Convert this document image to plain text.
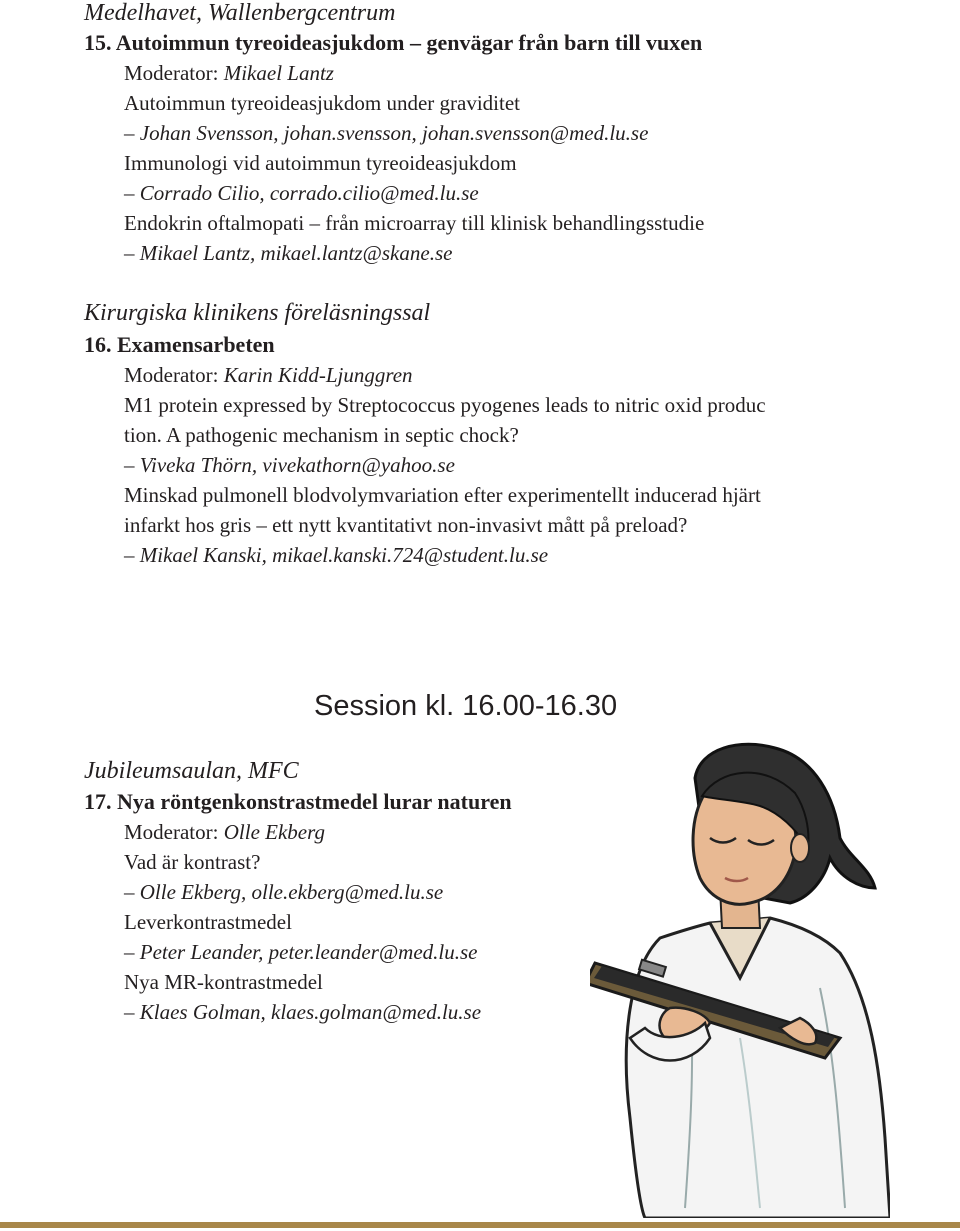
Medelhavet, Wallenbergcentrum
15. Autoimmun tyreoideasjukdom – genvägar från barn till vuxen
Moderator: Mikael Lantz
Autoimmun tyreoideasjukdom under graviditet
– Johan Svensson, johan.svensson, johan.svensson@med.lu.se
Immunologi vid autoimmun tyreoideasjukdom
– Corrado Cilio, corrado.cilio@med.lu.se
Endokrin oftalmopati – från microarray till klinisk behandlingsstudie
– Mikael Lantz, mikael.lantz@skane.se
Kirurgiska klinikens föreläsningssal
16. Examensarbeten
Moderator: Karin Kidd-Ljunggren
M1 protein expressed by Streptococcus pyogenes leads to nitric oxid produc
tion. A pathogenic mechanism in septic chock?
– Viveka Thörn, vivekathorn@yahoo.se
Minskad pulmonell blodvolymvariation efter experimentellt inducerad hjärt
infarkt hos gris – ett nytt kvantitativt non-invasivt mått på preload?
– Mikael Kanski, mikael.kanski.724@student.lu.se
Session kl. 16.00-16.30
Jubileumsaulan, MFC
17. Nya röntgenkonstrastmedel lurar naturen
Moderator: Olle Ekberg
Vad är kontrast?
– Olle Ekberg, olle.ekberg@med.lu.se
Leverkontrastmedel
– Peter Leander, peter.leander@med.lu.se
Nya MR-kontrastmedel
– Klaes Golman, klaes.golman@med.lu.se
